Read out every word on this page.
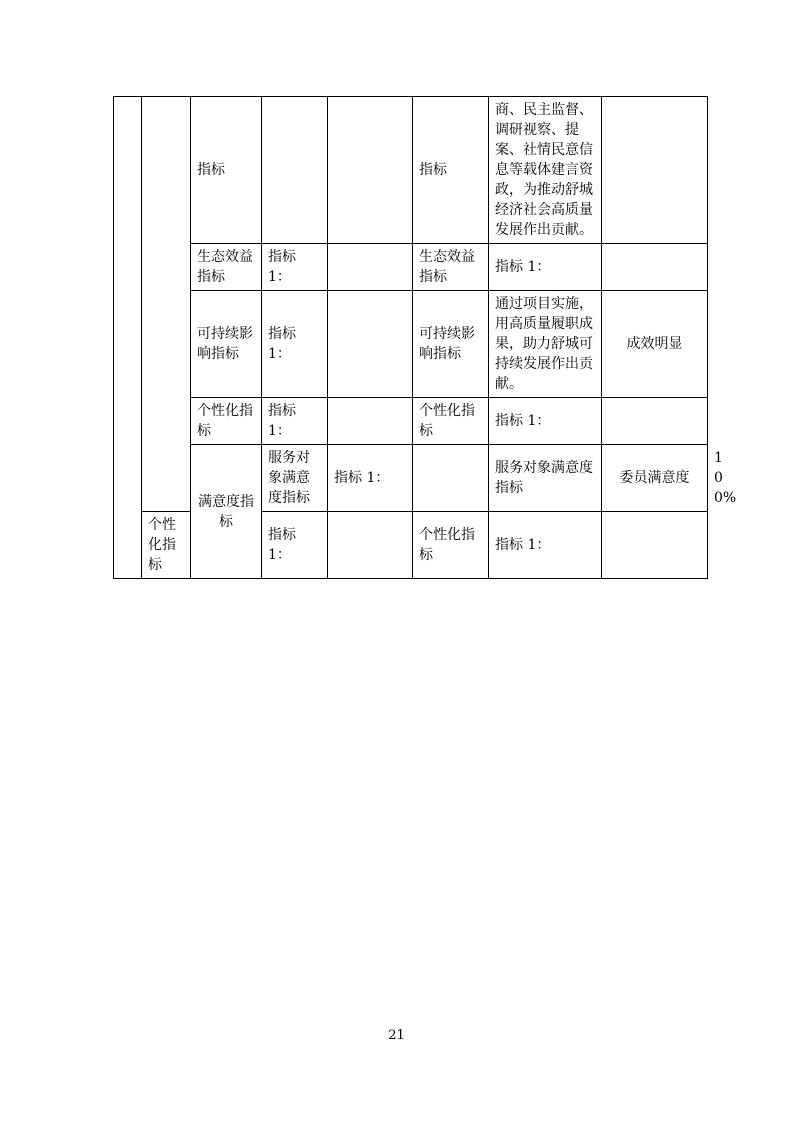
		指标			指标	商、民主监督、调研视察、提案、社情民意信息等载体建言资政，为推动舒城经济社会高质量发展作出贡献。		
		生态效益指标	指标 1：		生态效益指标	指标 1：		
		可持续影响指标	指标 1：		可持续影响指标	通过项目实施，用高质量履职成果，助力舒城可持续发展作出贡献。	成效明显	
		个性化指标	指标 1：		个性化指标	指标 1：		
		满意度指标	服务对象满意度指标	指标 1：		服务对象满意度指标	委员满意度	100%
	个性化指标		指标 1：		个性化指标	指标 1：		
21
